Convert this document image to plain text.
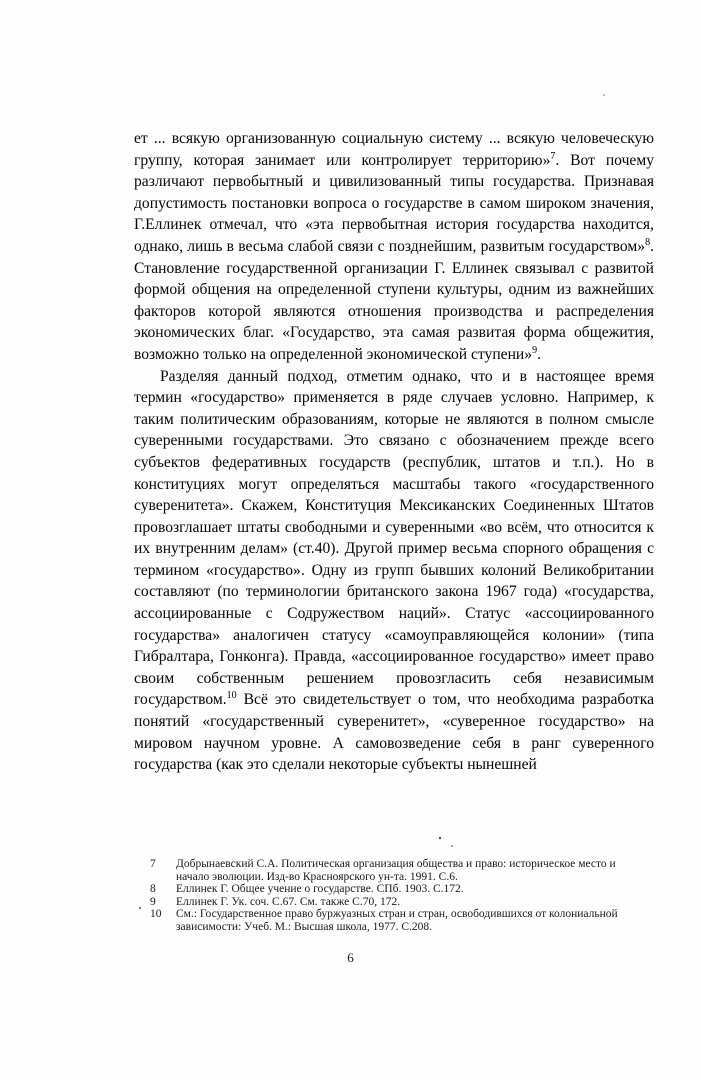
ет ... всякую организованную социальную систему ... всякую человеческую группу, которая занимает или контролирует территорию»$^7$. Вот почему различают первобытный и цивилизованный типы государства. Признавая допустимость постановки вопроса о государстве в самом широком значения, Г.Еллинек отмечал, что «эта первобытная история государства находится, однако, лишь в весьма слабой связи с позднейшим, развитым государством»$^8$. Становление государственной организации Г. Еллинек связывал с развитой формой общения на определенной ступени культуры, одним из важнейших факторов которой являются отношения производства и распределения экономических благ. «Государство, эта самая развитая форма общежития, возможно только на определенной экономической ступени»$^9$.

Разделяя данный подход, отметим однако, что и в настоящее время термин «государство» применяется в ряде случаев условно. Например, к таким политическим образованиям, которые не являются в полном смысле суверенными государствами. Это связано с обозначением прежде всего субъектов федеративных государств (республик, штатов и т.п.). Но в конституциях могут определяться масштабы такого «государственного суверенитета». Скажем, Конституция Мексиканских Соединенных Штатов провозглашает штаты свободными и суверенными «во всём, что относится к их внутренним делам» (ст.40). Другой пример весьма спорного обращения с термином «государство». Одну из групп бывших колоний Великобритании составляют (по терминологии британского закона 1967 года) «государства, ассоциированные с Содружеством наций». Статус «ассоциированного государства» аналогичен статусу «самоуправляющейся колонии» (типа Гибралтара, Гонконга). Правда, «ассоциированное государство» имеет право своим собственным решением провозгласить себя независимым государством.$^{10}$ Всё это свидетельствует о том, что необходима разработка понятий «государственный суверенитет», «суверенное государство» на мировом научном уровне. А самовозведение себя в ранг суверенного государства (как это сделали некоторые субъекты нынешней

7	Добрынаевский С.А. Политическая организация общества и право: историческое место и начало эволюции. Изд-во Красноярского ун-та. 1991. С.6.
8	Еллинек Г. Общее учение о государстве. СПб. 1903. С.172.
9	Еллинек Г. Ук. соч. С.67. См. также С.70, 172.
10	См.: Государственное право буржуазных стран и стран, освободившихся от колониальной зависимости: Учеб. М.: Высшая школа, 1977. С.208.
6
